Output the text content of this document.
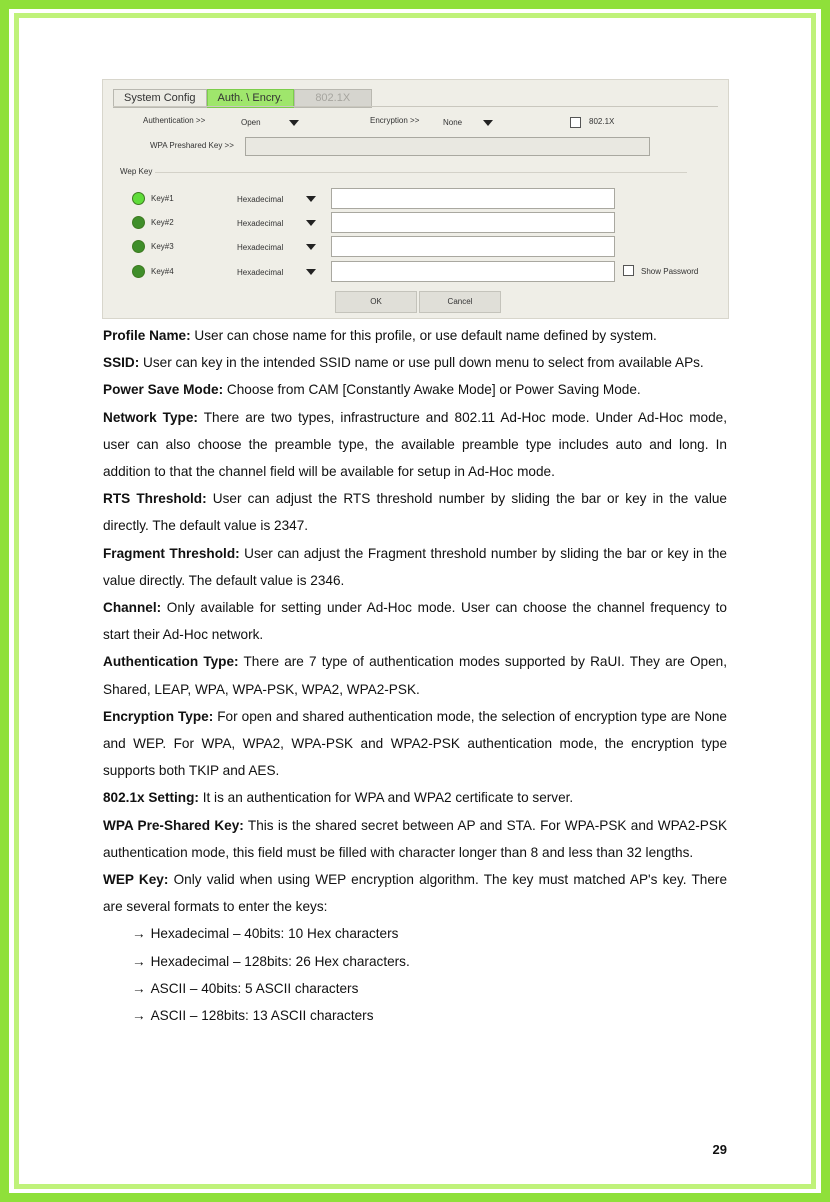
System Config	Auth. \ Encry.	802.1X
Authentication >>	Open	Encryption >>	None	802.1X
WPA Preshared Key >>
Wep Key
Key#1	Hexadecimal
Key#2	Hexadecimal
Key#3	Hexadecimal
Key#4	Hexadecimal	Show Password
OK	Cancel

Profile Name: User can chose name for this profile, or use default name defined by system.

SSID: User can key in the intended SSID name or use pull down menu to select from available APs.

Power Save Mode: Choose from CAM [Constantly Awake Mode] or Power Saving Mode.

Network Type: There are two types, infrastructure and 802.11 Ad-Hoc mode. Under Ad-Hoc mode, user can also choose the preamble type, the available preamble type includes auto and long. In addition to that the channel field will be available for setup in Ad-Hoc mode.

RTS Threshold: User can adjust the RTS threshold number by sliding the bar or key in the value directly. The default value is 2347.

Fragment Threshold: User can adjust the Fragment threshold number by sliding the bar or key in the value directly. The default value is 2346.

Channel: Only available for setting under Ad-Hoc mode. User can choose the channel frequency to start their Ad-Hoc network.

Authentication Type: There are 7 type of authentication modes supported by RaUI. They are Open, Shared, LEAP, WPA, WPA-PSK, WPA2, WPA2-PSK.

Encryption Type: For open and shared authentication mode, the selection of encryption type are None and WEP. For WPA, WPA2, WPA-PSK and WPA2-PSK authentication mode, the encryption type supports both TKIP and AES.

802.1x Setting: It is an authentication for WPA and WPA2 certificate to server.

WPA Pre-Shared Key: This is the shared secret between AP and STA. For WPA-PSK and WPA2-PSK authentication mode, this field must be filled with character longer than 8 and less than 32 lengths.

WEP Key: Only valid when using WEP encryption algorithm. The key must matched AP's key. There are several formats to enter the keys:

→ Hexadecimal – 40bits: 10 Hex characters
→ Hexadecimal – 128bits: 26 Hex characters.
→ ASCII – 40bits: 5 ASCII characters
→ ASCII – 128bits: 13 ASCII characters
29
